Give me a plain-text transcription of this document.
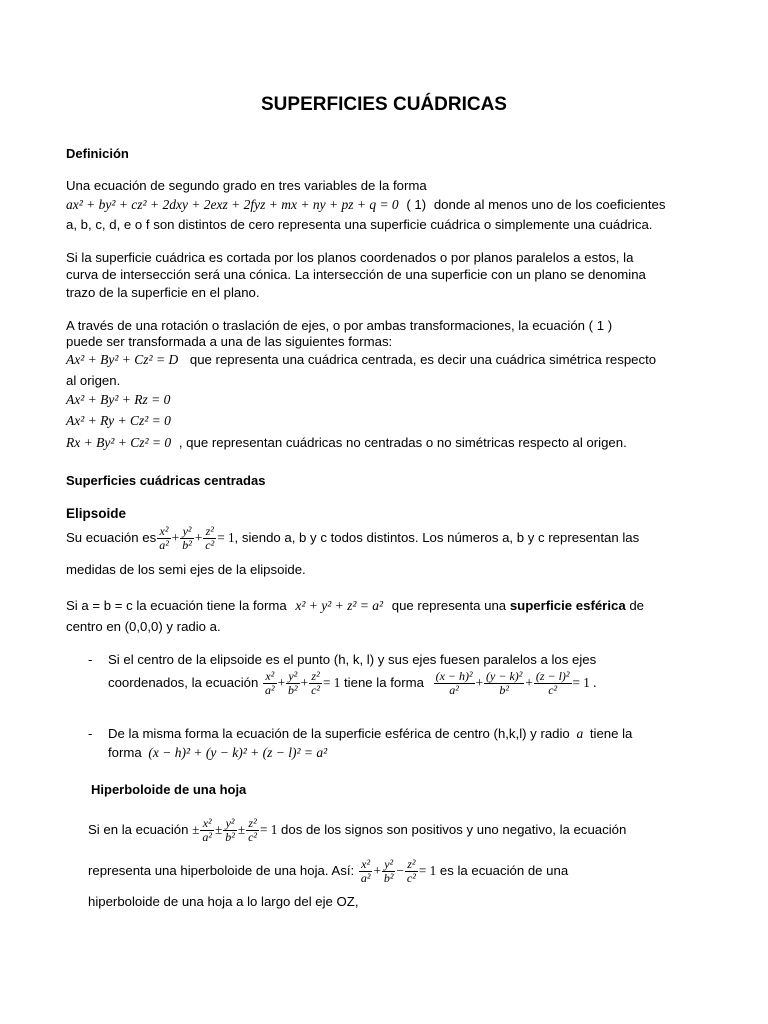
SUPERFICIES CUÁDRICAS
Definición
Una ecuación de segundo grado en tres variables de la forma
ax² + by² + cz² + 2dxy + 2exz + 2fyz + mx + ny + pz + q = 0 ( 1) donde al menos uno de los coeficientes
a, b, c, d, e o f son distintos de cero representa una superficie cuádrica o simplemente una cuádrica.
Si la superficie cuádrica es cortada por los planos coordenados o por planos paralelos a estos, la
curva de intersección será una cónica. La intersección de una superficie con un plano se denomina
trazo de la superficie en el plano.
A través de una rotación o traslación de ejes, o por ambas transformaciones, la ecuación ( 1 )
puede ser transformada a una de las siguientes formas:
Ax² + By² + Cz² = D que representa una cuádrica centrada, es decir una cuádrica simétrica respecto
al origen.
Ax² + By² + Rz = 0
Ax² + Ry + Cz² = 0
Rx + By² + Cz² = 0 , que representan cuádricas no centradas o no simétricas respecto al origen.
Superficies cuádricas centradas
Elipsoide
Su ecuación es $\frac{\text{x²}}{\text{a²}} + \frac{\text{y²}}{\text{b²}} + \frac{\text{z²}}{\text{c²}} = 1$, siendo a, b y c todos distintos. Los números a, b y c representan las
medidas de los semi ejes de la elipsoide.
Si a = b = c la ecuación tiene la forma x² + y² + z² = a² que representa una superficie esférica de
centro en (0,0,0) y radio a.
- Si el centro de la elipsoide es el punto (h, k, l) y sus ejes fuesen paralelos a los ejes
coordenados, la ecuación $\frac{\text{x²}}{\text{a²}} + \frac{\text{y²}}{\text{b²}} + \frac{\text{z²}}{\text{c²}} = 1$ tiene la forma $\frac{\text{(x − h)²}}{\text{a²}} + \frac{\text{(y − k)²}}{\text{b²}} + \frac{\text{(z − l)²}}{\text{c²}} = 1$ .
- De la misma forma la ecuación de la superficie esférica de centro (h,k,l) y radio a tiene la
forma (x − h)² + (y − k)² + (z − l)² = a²
Hiperboloide de una hoja
Si en la ecuación ± $\frac{\text{x²}}{\text{a²}} \pm \frac{\text{y²}}{\text{b²}} \pm \frac{\text{z²}}{\text{c²}} = 1$ dos de los signos son positivos y uno negativo, la ecuación
representa una hiperboloide de una hoja. Así: $\frac{\text{x²}}{\text{a²}} + \frac{\text{y²}}{\text{b²}} - \frac{\text{z²}}{\text{c²}} = 1$ es la ecuación de una
hiperboloide de una hoja a lo largo del eje OZ,
